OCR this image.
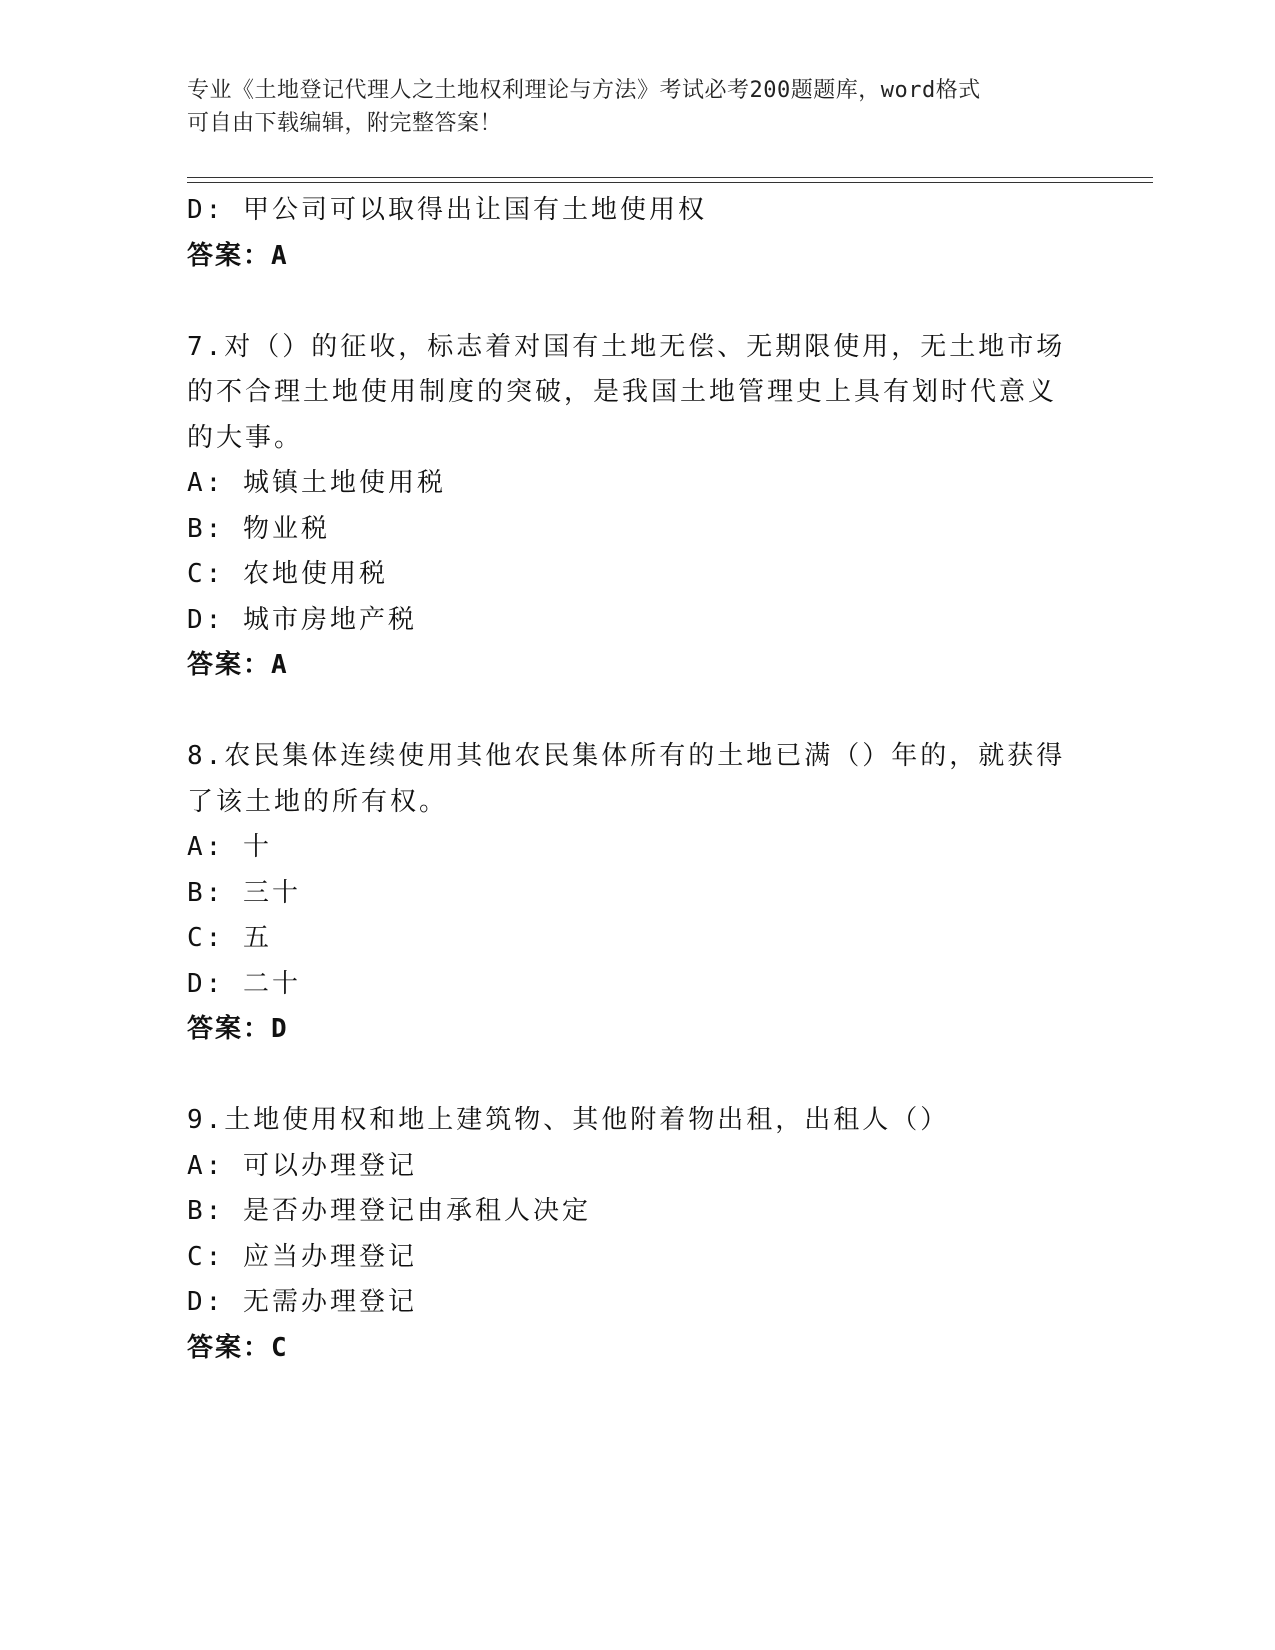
专业《土地登记代理人之土地权利理论与方法》考试必考200题题库，word格式
可自由下载编辑，附完整答案！
D: 甲公司可以取得出让国有土地使用权
答案：A
7.对（）的征收，标志着对国有土地无偿、无期限使用，无土地市场
的不合理土地使用制度的突破，是我国土地管理史上具有划时代意义
的大事。
A: 城镇土地使用税
B: 物业税
C: 农地使用税
D: 城市房地产税
答案：A
8.农民集体连续使用其他农民集体所有的土地已满（）年的，就获得
了该土地的所有权。
A: 十
B: 三十
C: 五
D: 二十
答案：D
9.土地使用权和地上建筑物、其他附着物出租，出租人（）
A: 可以办理登记
B: 是否办理登记由承租人决定
C: 应当办理登记
D: 无需办理登记
答案：C
